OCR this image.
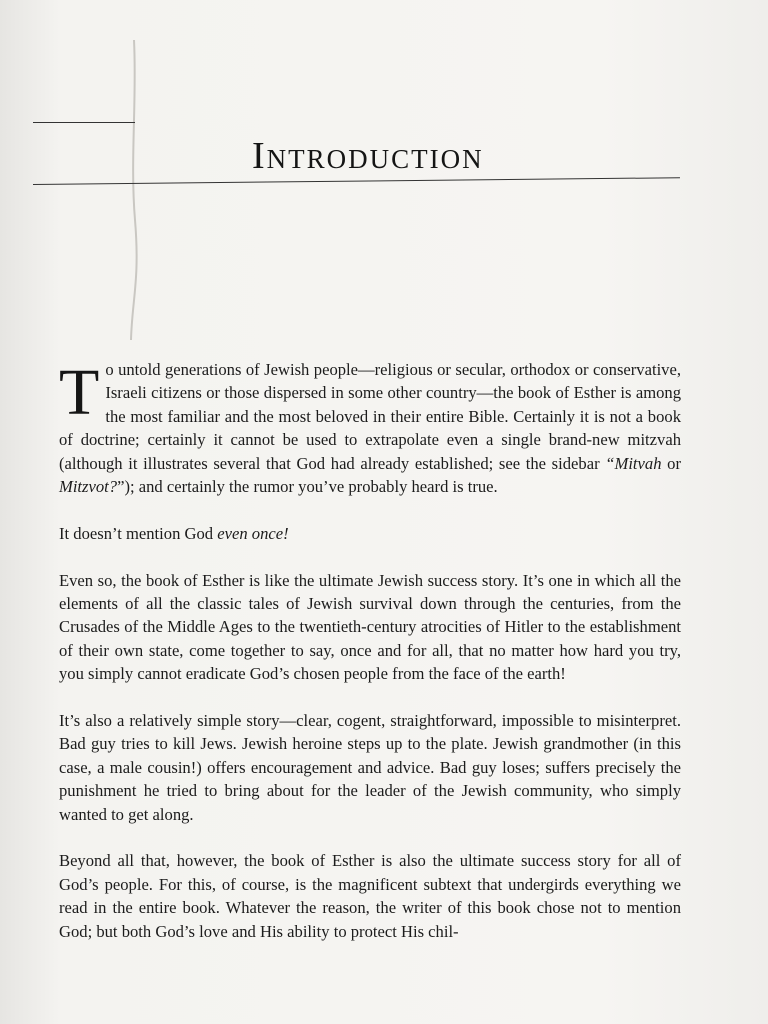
Introduction

To untold generations of Jewish people—religious or secular, orthodox or conservative, Israeli citizens or those dispersed in some other country—the book of Esther is among the most familiar and the most beloved in their entire Bible. Certainly it is not a book of doctrine; certainly it cannot be used to extrapolate even a single brand-new mitzvah (although it illustrates several that God had already established; see the sidebar “Mitvah or Mitzvot?”); and certainly the rumor you’ve probably heard is true.

It doesn’t mention God even once!

Even so, the book of Esther is like the ultimate Jewish success story. It’s one in which all the elements of all the classic tales of Jewish survival down through the centuries, from the Crusades of the Middle Ages to the twentieth-century atrocities of Hitler to the establishment of their own state, come together to say, once and for all, that no matter how hard you try, you simply cannot eradicate God’s chosen people from the face of the earth!

It’s also a relatively simple story—clear, cogent, straightforward, impossible to misinterpret. Bad guy tries to kill Jews. Jewish heroine steps up to the plate. Jewish grandmother (in this case, a male cousin!) offers encouragement and advice. Bad guy loses; suffers precisely the punishment he tried to bring about for the leader of the Jewish community, who simply wanted to get along.

Beyond all that, however, the book of Esther is also the ultimate success story for all of God’s people. For this, of course, is the magnificent subtext that undergirds everything we read in the entire book. Whatever the reason, the writer of this book chose not to mention God; but both God’s love and His ability to protect His chil-
